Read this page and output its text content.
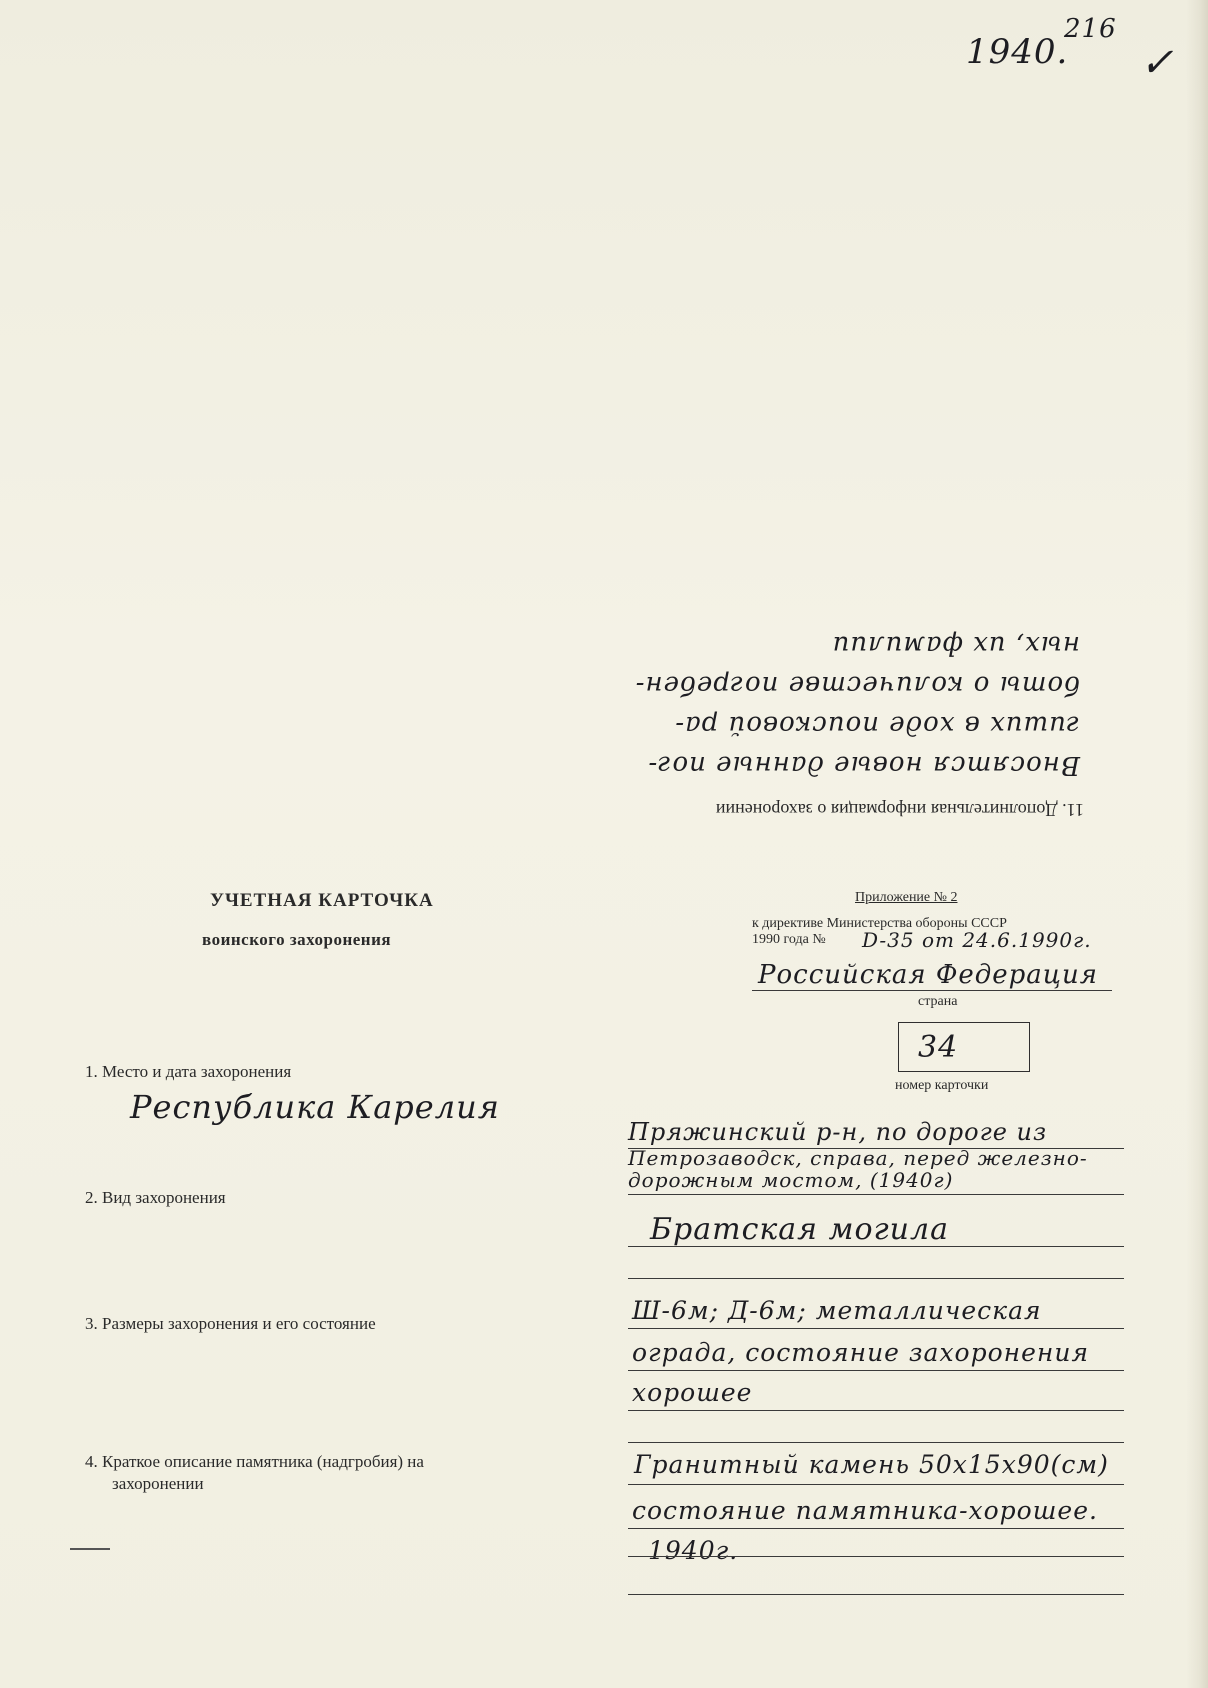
1940.
216
✓
11. Дополнительная информация о захоронении
Вносятся новые данные пог-
гиших в ходе поисковой ра-
боты о количестве погребен-
ных, их фамилии
УЧЕТНАЯ КАРТОЧКА
воинского захоронения
Приложение № 2
к директиве Министерства обороны СССР
1990 года № D-35 от 24.6.1990г.
Российская Федерация
страна
34
номер карточки
1. Место и дата захоронения
Республика Карелия
Пряжинский р-н, по дороге из
Петрозаводск, справа, перед железно-
дорожным мостом, (1940г)
2. Вид захоронения
Братская могила
3. Размеры захоронения и его состояние	Ш-6м; Д-6м; металлическая
ограда, состояние захоронения
хорошее
4. Краткое описание памятника (надгробия) на
захоронении
Гранитный камень 50х15х90(см)
состояние памятника-хорошее.
1940г.
